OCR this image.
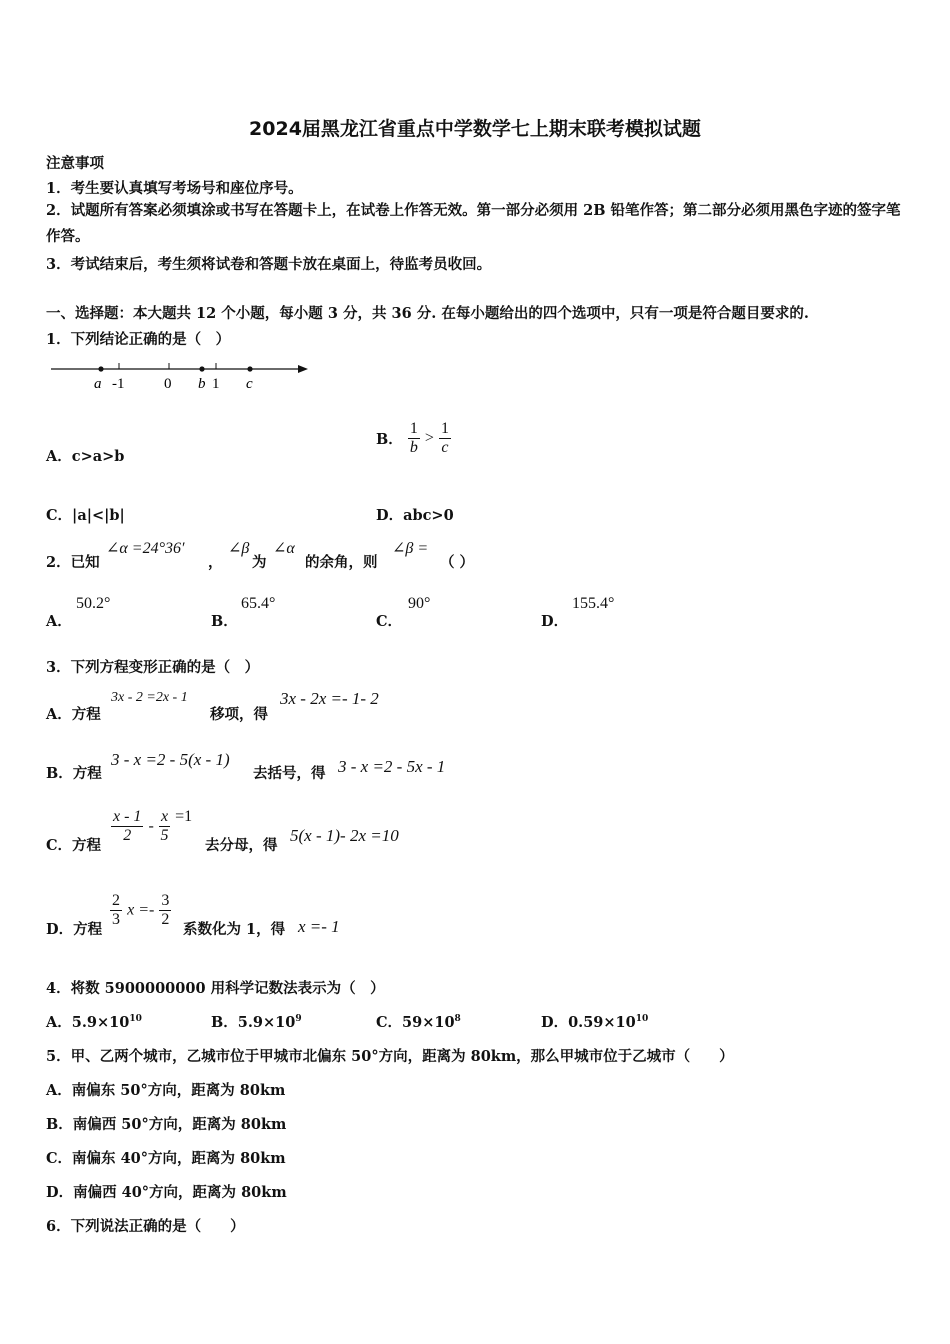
2024届黑龙江省重点中学数学七上期末联考模拟试题
注意事项
1．考生要认真填写考场号和座位序号。
2．试题所有答案必须填涂或书写在答题卡上，在试卷上作答无效。第一部分必须用 2B 铅笔作答；第二部分必须用黑色字迹的签字笔作答。
3．考试结束后，考生须将试卷和答题卡放在桌面上，待监考员收回。
一、选择题：本大题共 12 个小题，每小题 3 分，共 36 分. 在每小题给出的四个选项中，只有一项是符合题目要求的.
1．下列结论正确的是（　）
a -1	0 b 1 c
A．c>a>b
B． $\frac{1}{b} > \frac{1}{c}$
C．|a|<|b|	D．abc>0
2．已知
∠α =24°36′
，
∠β
为
∠α
的余角，则
∠β =
（ ）
A．
50.2°
B．
65.4°
C．
90°
D．
155.4°
3．下列方程变形正确的是（　）
A．方程
3x - 2 =2x - 1
移项，得
3x - 2x =- 1- 2
B．方程
3 - x =2 - 5(x - 1)
去括号，得 3 - x =2 - 5x - 1
C．方程
$\frac{x - 1}{2} - \frac{x}{5} =1$
去分母，得
5(x - 1)- 2x =10
D．方程
$\frac{2}{3}$ $x =- \frac{3}{2}$
系数化为 1，得 x =- 1
4．将数 5900000000 用科学记数法表示为（　）
A．$5.9\times 10^{10}$	B．$5.9\times 10^9$	C．$59\times 10^8$	D．$0.59\times 10^{10}$
5．甲、乙两个城市，乙城市位于甲城市北偏东 50°方向，距离为 80km，那么甲城市位于乙城市（　　）
A．南偏东 50°方向，距离为 80km
B．南偏西 50°方向，距离为 80km
C．南偏东 40°方向，距离为 80km
D．南偏西 40°方向，距离为 80km
6．下列说法正确的是（　　）
